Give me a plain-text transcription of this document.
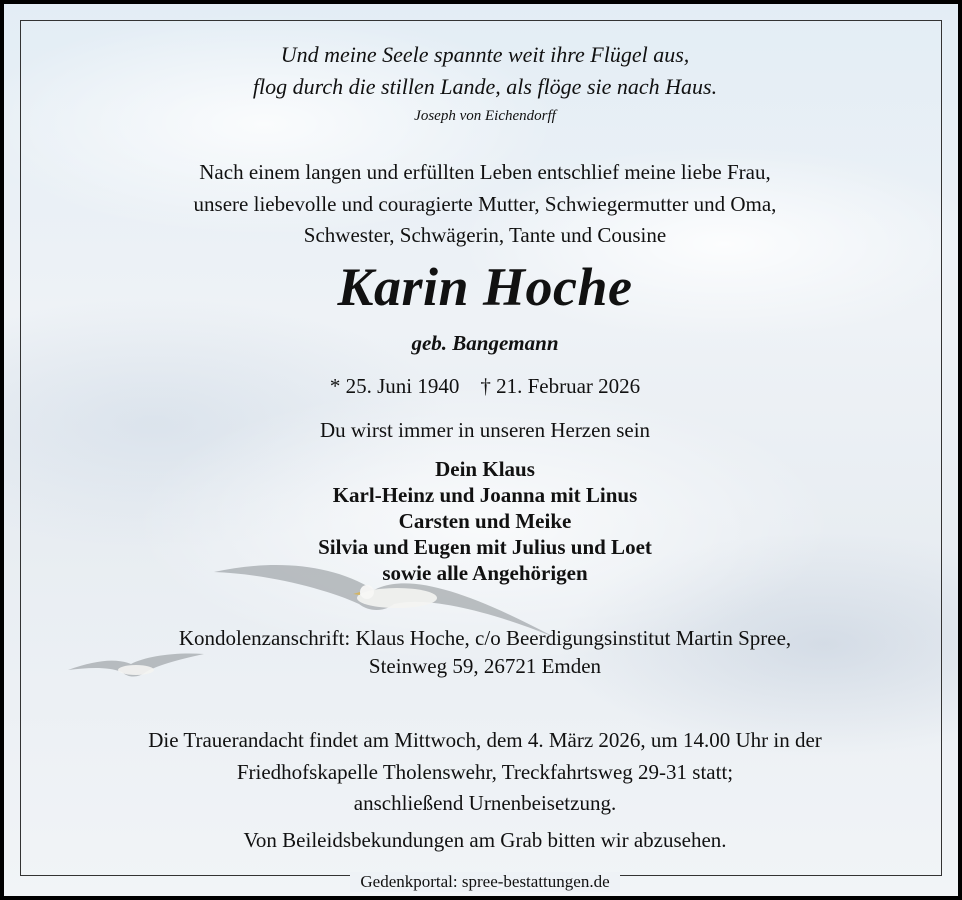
Und meine Seele spannte weit ihre Flügel aus,
flog durch die stillen Lande, als flöge sie nach Haus.
Joseph von Eichendorff
Nach einem langen und erfüllten Leben entschlief meine liebe Frau,
unsere liebevolle und couragierte Mutter, Schwiegermutter und Oma,
Schwester, Schwägerin, Tante und Cousine
Karin Hoche
geb. Bangemann
* 25. Juni 1940    † 21. Februar 2026
Du wirst immer in unseren Herzen sein
Dein Klaus
Karl-Heinz und Joanna mit Linus
Carsten und Meike
Silvia und Eugen mit Julius und Loet
sowie alle Angehörigen
Kondolenzanschrift: Klaus Hoche, c/o Beerdigungsinstitut Martin Spree,
Steinweg 59, 26721 Emden
Die Trauerandacht findet am Mittwoch, dem 4. März 2026, um 14.00 Uhr in der
Friedhofskapelle Tholenswehr, Treckfahrtsweg 29-31 statt;
anschließend Urnenbeisetzung.
Von Beileidsbekundungen am Grab bitten wir abzusehen.
Gedenkportal: spree-bestattungen.de
